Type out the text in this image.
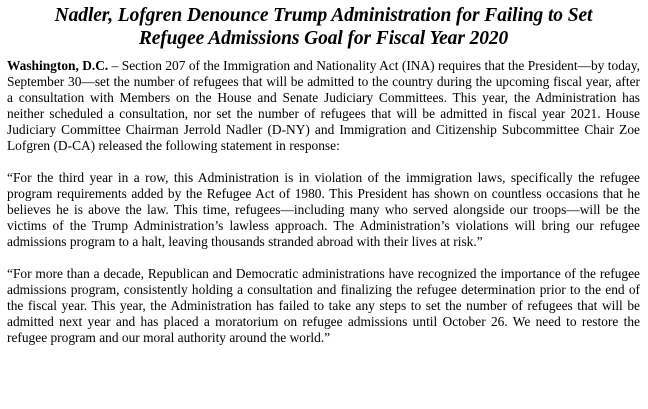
Nadler, Lofgren Denounce Trump Administration for Failing to Set
Refugee Admissions Goal for Fiscal Year 2020

Washington, D.C. – Section 207 of the Immigration and Nationality Act (INA) requires that the President—by today, September 30—set the number of refugees that will be admitted to the country during the upcoming fiscal year, after a consultation with Members on the House and Senate Judiciary Committees. This year, the Administration has neither scheduled a consultation, nor set the number of refugees that will be admitted in fiscal year 2021. House Judiciary Committee Chairman Jerrold Nadler (D-NY) and Immigration and Citizenship Subcommittee Chair Zoe Lofgren (D-CA) released the following statement in response:

“For the third year in a row, this Administration is in violation of the immigration laws, specifically the refugee program requirements added by the Refugee Act of 1980. This President has shown on countless occasions that he believes he is above the law. This time, refugees—including many who served alongside our troops—will be the victims of the Trump Administration’s lawless approach. The Administration’s violations will bring our refugee admissions program to a halt, leaving thousands stranded abroad with their lives at risk.”

“For more than a decade, Republican and Democratic administrations have recognized the importance of the refugee admissions program, consistently holding a consultation and finalizing the refugee determination prior to the end of the fiscal year. This year, the Administration has failed to take any steps to set the number of refugees that will be admitted next year and has placed a moratorium on refugee admissions until October 26. We need to restore the refugee program and our moral authority around the world.”
